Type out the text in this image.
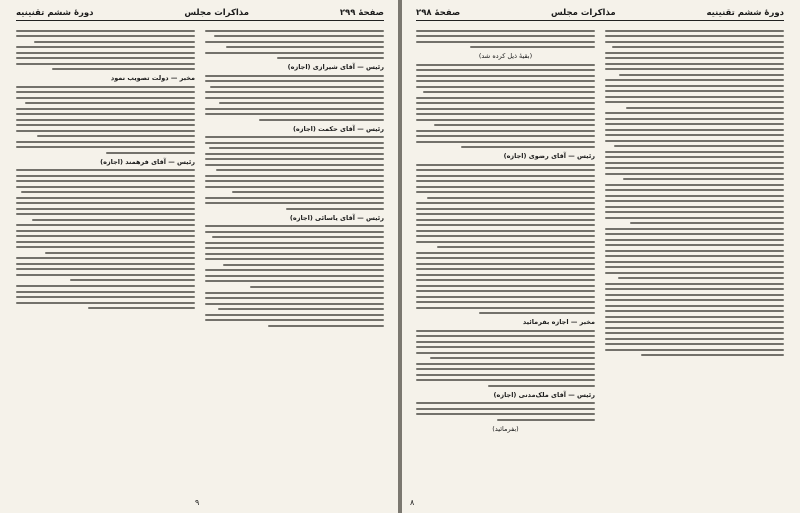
صفحهٔ ۲۹۹
مذاکرات مجلس
دورهٔ ششم تقنینیه
رئیس — آقای شیرازی (اجازه)
رئیس — آقای حکمت (اجازه)
رئیس — آقای یاسائی (اجازه)
مخبر — دولت تصویب نمود
رئیس — آقای فرهمند (اجازه)
۹
دورهٔ ششم تقنینیه
مذاکرات مجلس
صفحهٔ ۲۹۸
(بقیهٔ ذیل کرده شد)
رئیس — آقای رضوی (اجازه)
مخبر — اجازه بفرمائید
رئیس — آقای ملک‌مدنی (اجازه)
(بفرمائید)
۸
